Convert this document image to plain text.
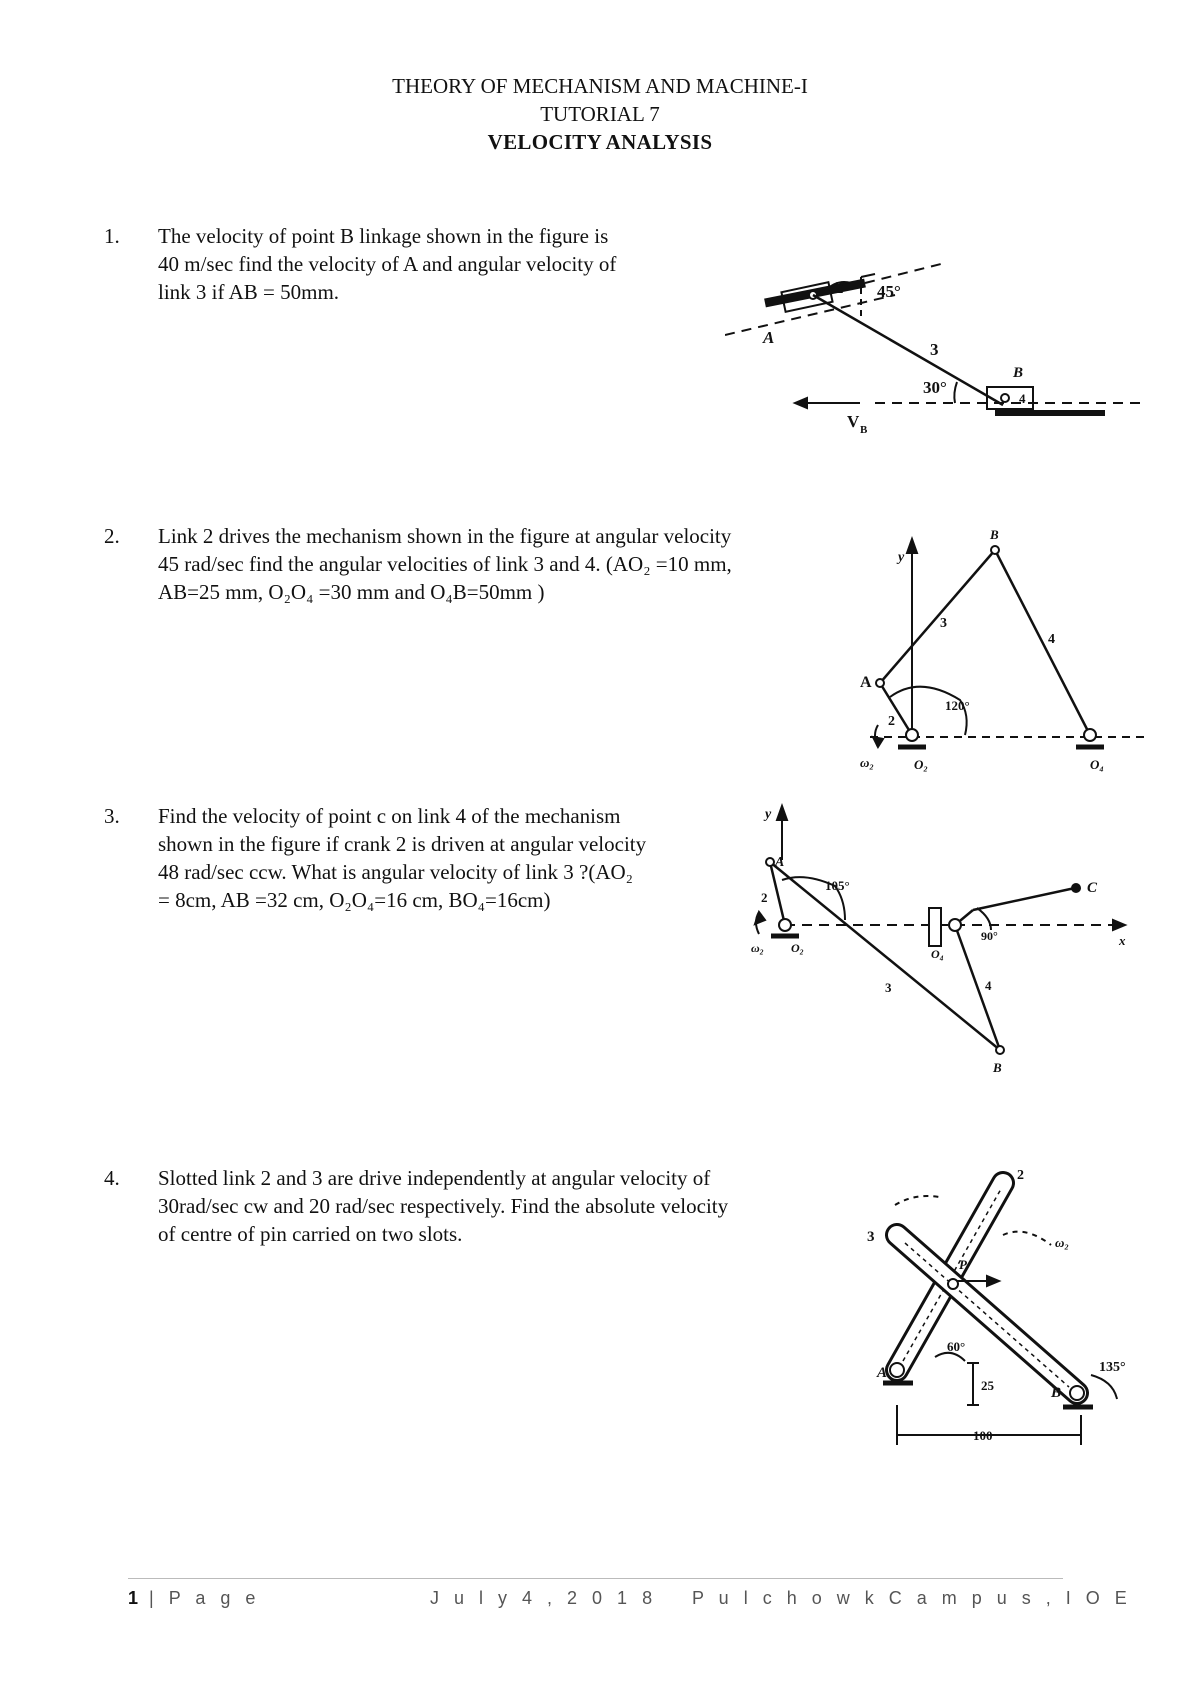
THEORY OF MECHANISM AND MACHINE-I
TUTORIAL 7
VELOCITY ANALYSIS
1. The velocity of point B linkage shown in the figure is
40 m/sec find the velocity of A and angular velocity of
link 3 if AB = 50mm.
A
B
2
3
4
45°
30°
V B
2. Link 2 drives the mechanism shown in the figure at angular velocity
45 rad/sec find the angular velocities of link 3 and 4. (AO₂ =10 mm,
AB=25 mm, O₂O₄ =30 mm and O₄B=50mm )
A
B
y
2
3
4
120°
O₂	O₄
ω₂
3. Find the velocity of point c on link 4 of the mechanism
shown in the figure if crank 2 is driven at angular velocity
48 rad/sec ccw. What is angular velocity of link 3 ?(AO₂
= 8cm, AB =32 cm, O₂O₄=16 cm, BO₄=16cm)
A
y
B
C
x
2
3	4
105°
90°
O₂	O₄
ω₂
4. Slotted link 2 and 3 are drive independently at angular velocity of
30rad/sec cw and 20 rad/sec respectively. Find the absolute velocity
of centre of pin carried on two slots.
2
3
A
B
P
60°
135°
25
100
ω₂
1 | P a g e	J u l y 4 , 2 0 1 8 P u l c h o w k C a m p u s , I O E
